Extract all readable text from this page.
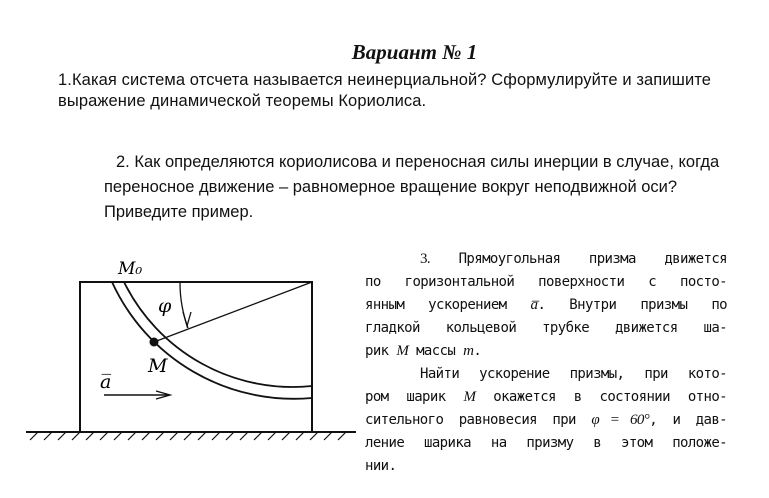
Вариант № 1
1.Какая система отсчета называется неинерциальной? Сформулируйте и запишите выражение динамической теоремы Кориолиса.
2. Как определяются кориолисова и переносная силы инерции в случае, когда переносное движение – равномерное вращение вокруг неподвижной оси? Приведите пример.
M₀
φ
M
a̅

3. Прямоугольная призма движется
по горизонтальной поверхности с посто-
янным ускорением a̅. Внутри призмы по
гладкой кольцевой трубке движется ша-
рик M массы m.
Найти ускорение призмы, при кото-
ром шарик M окажется в состоянии отно-
сительного равновесия при φ = 60°, и дав-
ление шарика на призму в этом положе-
нии.
